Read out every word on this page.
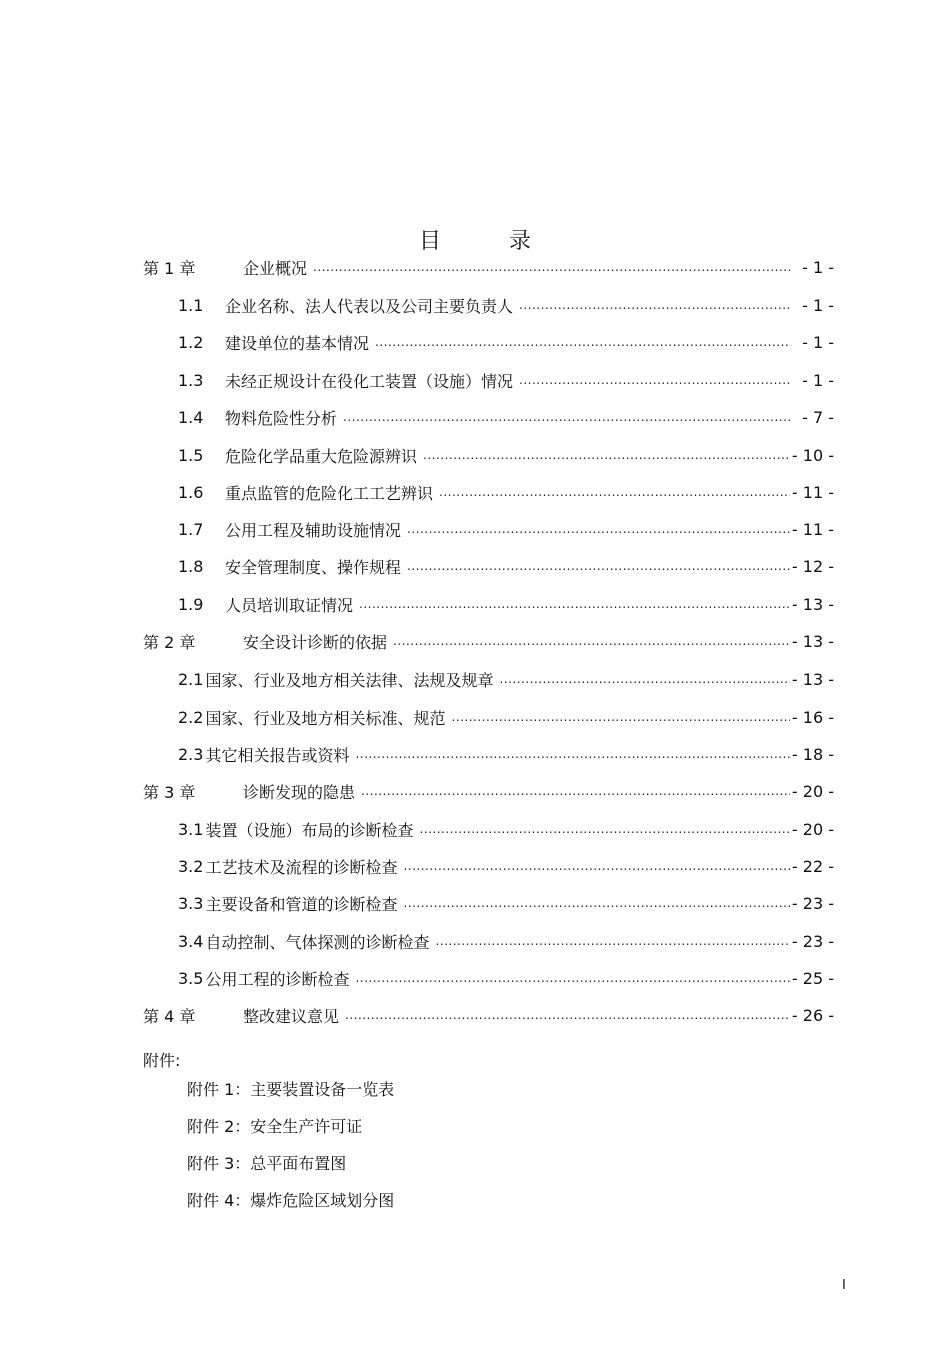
目录
第 1 章	企业概况 .....	- 1 -
1.1	企业名称、法人代表以及公司主要负责人 .....	- 1 -
1.2	建设单位的基本情况 .....	- 1 -
1.3	未经正规设计在役化工装置（设施）情况 .....	- 1 -
1.4	物料危险性分析 .....	- 7 -
1.5	危险化学品重大危险源辨识 .....	- 10 -
1.6	重点监管的危险化工工艺辨识 .....	- 11 -
1.7	公用工程及辅助设施情况 .....	- 11 -
1.8	安全管理制度、操作规程 .....	- 12 -
1.9	人员培训取证情况 .....	- 13 -
第 2 章	安全设计诊断的依据 .....	- 13 -
2.1 国家、行业及地方相关法律、法规及规章 .....	- 13 -
2.2 国家、行业及地方相关标准、规范 .....	- 16 -
2.3 其它相关报告或资料 .....	- 18 -
第 3 章	诊断发现的隐患 .....	- 20 -
3.1 装置（设施）布局的诊断检查 .....	- 20 -
3.2 工艺技术及流程的诊断检查 .....	- 22 -
3.3 主要设备和管道的诊断检查 .....	- 23 -
3.4 自动控制、气体探测的诊断检查 .....	- 23 -
3.5 公用工程的诊断检查 .....	- 25 -
第 4 章	整改建议意见 .....	- 26 -
附件:
附件 1：主要装置设备一览表
附件 2：安全生产许可证
附件 3：总平面布置图
附件 4：爆炸危险区域划分图
I
